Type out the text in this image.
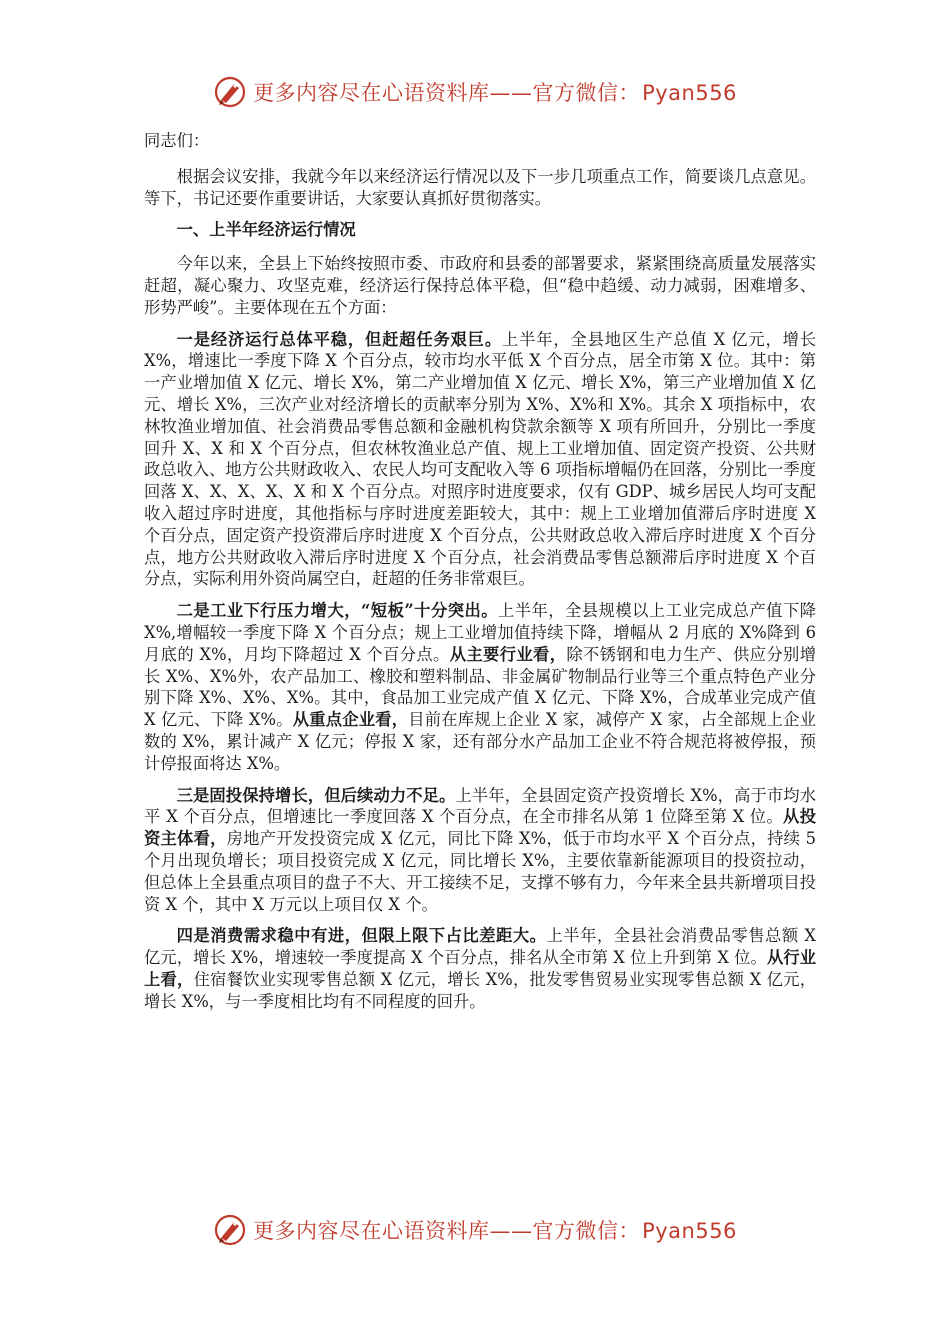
更多内容尽在心语资料库——官方微信：Pyan556

同志们：

根据会议安排，我就今年以来经济运行情况以及下一步几项重点工作，简要谈几点意见。等下，书记还要作重要讲话，大家要认真抓好贯彻落实。

一、上半年经济运行情况

今年以来，全县上下始终按照市委、市政府和县委的部署要求，紧紧围绕高质量发展落实赶超，凝心聚力、攻坚克难，经济运行保持总体平稳，但“稳中趋缓、动力减弱，困难增多、形势严峻”。主要体现在五个方面：

一是经济运行总体平稳，但赶超任务艰巨。上半年，全县地区生产总值 X 亿元，增长 X%，增速比一季度下降 X 个百分点，较市均水平低 X 个百分点，居全市第 X 位。其中：第一产业增加值 X 亿元、增长 X%，第二产业增加值 X 亿元、增长 X%，第三产业增加值 X 亿元、增长 X%，三次产业对经济增长的贡献率分别为 X%、X%和 X%。其余 X 项指标中，农林牧渔业增加值、社会消费品零售总额和金融机构贷款余额等 X 项有所回升，分别比一季度回升 X、X 和 X 个百分点，但农林牧渔业总产值、规上工业增加值、固定资产投资、公共财政总收入、地方公共财政收入、农民人均可支配收入等 6 项指标增幅仍在回落，分别比一季度回落 X、X、X、X、X 和 X 个百分点。对照序时进度要求，仅有 GDP、城乡居民人均可支配收入超过序时进度，其他指标与序时进度差距较大，其中：规上工业增加值滞后序时进度 X 个百分点，固定资产投资滞后序时进度 X 个百分点，公共财政总收入滞后序时进度 X 个百分点，地方公共财政收入滞后序时进度 X 个百分点，社会消费品零售总额滞后序时进度 X 个百分点，实际利用外资尚属空白，赶超的任务非常艰巨。

二是工业下行压力增大，“短板”十分突出。上半年，全县规模以上工业完成总产值下降 X%,增幅较一季度下降 X 个百分点；规上工业增加值持续下降，增幅从 2 月底的 X%降到 6 月底的 X%，月均下降超过 X 个百分点。从主要行业看，除不锈钢和电力生产、供应分别增长 X%、X%外，农产品加工、橡胶和塑料制品、非金属矿物制品行业等三个重点特色产业分别下降 X%、X%、X%。其中，食品加工业完成产值 X 亿元、下降 X%，合成革业完成产值 X 亿元、下降 X%。从重点企业看，目前在库规上企业 X 家，减停产 X 家，占全部规上企业数的 X%，累计减产 X 亿元；停报 X 家，还有部分水产品加工企业不符合规范将被停报，预计停报面将达 X%。

三是固投保持增长，但后续动力不足。上半年，全县固定资产投资增长 X%，高于市均水平 X 个百分点，但增速比一季度回落 X 个百分点，在全市排名从第 1 位降至第 X 位。从投资主体看，房地产开发投资完成 X 亿元，同比下降 X%，低于市均水平 X 个百分点，持续 5 个月出现负增长；项目投资完成 X 亿元，同比增长 X%，主要依靠新能源项目的投资拉动，但总体上全县重点项目的盘子不大、开工接续不足，支撑不够有力，今年来全县共新增项目投资 X 个，其中 X 万元以上项目仅 X 个。

四是消费需求稳中有进，但限上限下占比差距大。上半年，全县社会消费品零售总额 X 亿元，增长 X%，增速较一季度提高 X 个百分点，排名从全市第 X 位上升到第 X 位。从行业上看，住宿餐饮业实现零售总额 X 亿元，增长 X%，批发零售贸易业实现零售总额 X 亿元，增长 X%，与一季度相比均有不同程度的回升。

更多内容尽在心语资料库——官方微信：Pyan556
